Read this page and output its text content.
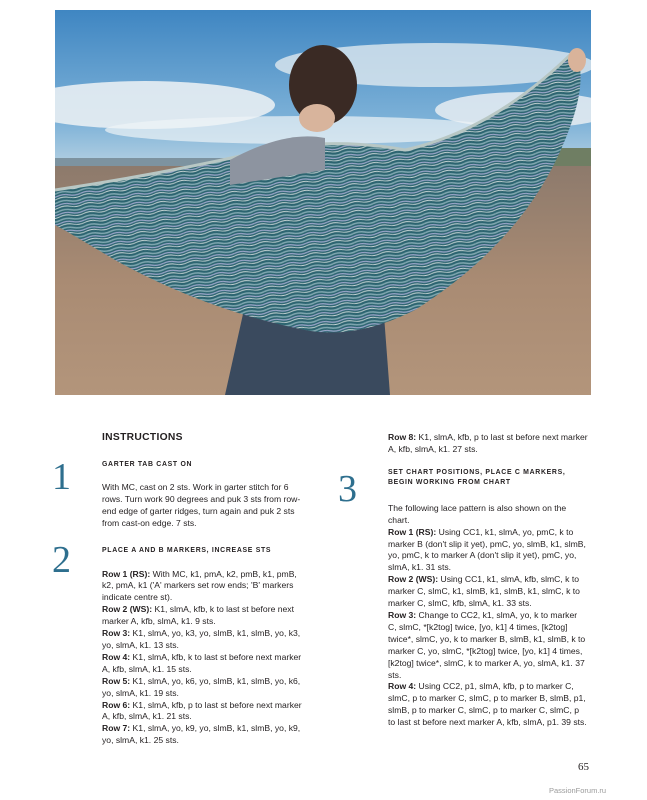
INSTRUCTIONS
GARTER TAB CAST ON

With MC, cast on 2 sts. Work in garter stitch for 6 rows. Turn work 90 degrees and puk 3 sts from row-end edge of garter ridges, turn again and puk 2 sts from cast-on edge. 7 sts.

PLACE A AND B MARKERS, INCREASE STS

Row 1 (RS): With MC, k1, pmA, k2, pmB, k1, pmB, k2, pmA, k1 ('A' markers set row ends; 'B' markers indicate centre st).

Row 2 (WS): K1, slmA, kfb, k to last st before next marker A, kfb, slmA, k1. 9 sts.

Row 3: K1, slmA, yo, k3, yo, slmB, k1, slmB, yo, k3, yo, slmA, k1. 13 sts.

Row 4: K1, slmA, kfb, k to last st before next marker A, kfb, slmA, k1. 15 sts.

Row 5: K1, slmA, yo, k6, yo, slmB, k1, slmB, yo, k6, yo, slmA, k1. 19 sts.

Row 6: K1, slmA, kfb, p to last st before next marker A, kfb, slmA, k1. 21 sts.

Row 7: K1, slmA, yo, k9, yo, slmB, k1, slmB, yo, k9, yo, slmA, k1. 25 sts.

1
2
3

Row 8: K1, slmA, kfb, p to last st before next marker A, kfb, slmA, k1. 27 sts.

SET CHART POSITIONS, PLACE C MARKERS, BEGIN WORKING FROM CHART

The following lace pattern is also shown on the chart.

Row 1 (RS): Using CC1, k1, slmA, yo, pmC, k to marker B (don't slip it yet), pmC, yo, slmB, k1, slmB, yo, pmC, k to marker A (don't slip it yet), pmC, yo, slmA, k1. 31 sts.

Row 2 (WS): Using CC1, k1, slmA, kfb, slmC, k to marker C, slmC, k1, slmB, k1, slmB, k1, slmC, k to marker C, slmC, kfb, slmA, k1. 33 sts.

Row 3: Change to CC2, k1, slmA, yo, k to marker C, slmC, *[k2tog] twice, [yo, k1] 4 times, [k2tog] twice*, slmC, yo, k to marker B, slmB, k1, slmB, k to marker C, yo, slmC, *[k2tog] twice, [yo, k1] 4 times, [k2tog] twice*, slmC, k to marker A, yo, slmA, k1. 37 sts.

Row 4: Using CC2, p1, slmA, kfb, p to marker C, slmC, p to marker C, slmC, p to marker B, slmB, p1, slmB, p to marker C, slmC, p to marker C, slmC, p to last st before next marker A, kfb, slmA, p1. 39 sts.

65
PassionForum.ru
